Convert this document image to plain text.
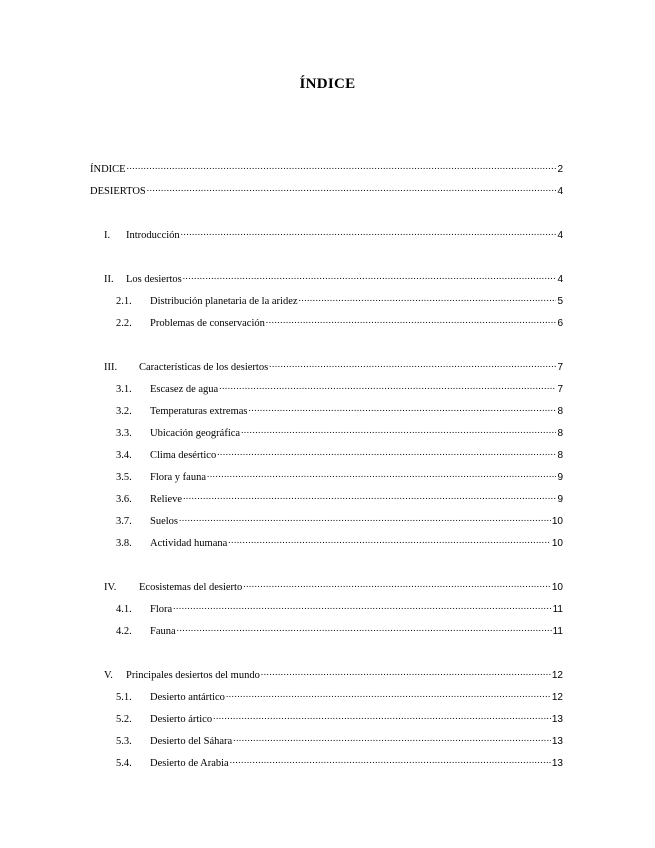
ÍNDICE
ÍNDICE .....	2
DESIERTOS .....	4
I.	Introducción .....	4
II.	Los desiertos .....	4
2.1.	Distribución planetaria de la aridez .....	5
2.2.	Problemas de conservación .....	6
III.	Características de los desiertos .....	7
3.1.	Escasez de agua .....	7
3.2.	Temperaturas extremas .....	8
3.3.	Ubicación geográfica .....	8
3.4.	Clima desértico .....	8
3.5.	Flora y fauna .....	9
3.6.	Relieve .....	9
3.7.	Suelos .....	10
3.8.	Actividad humana .....	10
IV.	Ecosistemas del desierto .....	10
4.1.	Flora .....	11
4.2.	Fauna .....	11
V.	Principales desiertos del mundo .....	12
5.1.	Desierto antártico .....	12
5.2.	Desierto ártico .....	13
5.3.	Desierto del Sáhara .....	13
5.4.	Desierto de Arabia .....	13
